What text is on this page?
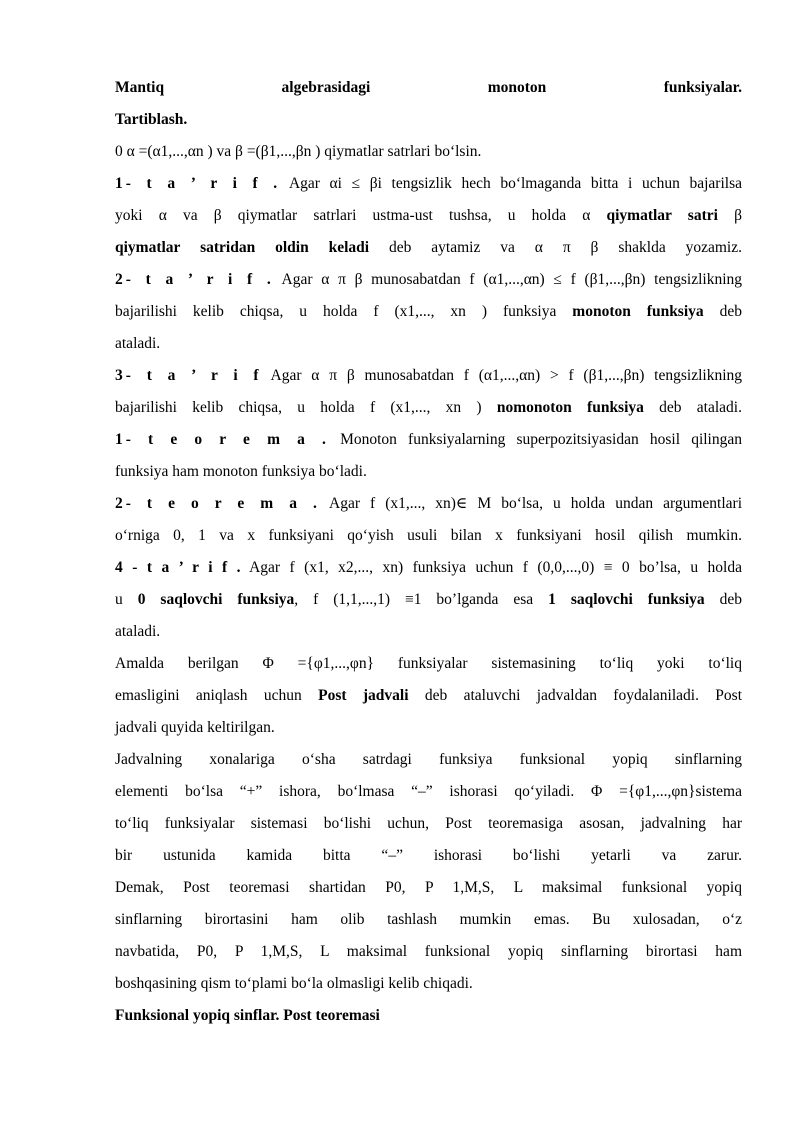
Mantiq algebrasidagi monoton funksiyalar.
Tartiblash.
0 α =(α1,...,αn ) va β =(β1,...,βn ) qiymatlar satrlari bo‘lsin.
1- t a ’ r i f . Agar αi ≤ βi tengsizlik hech bo‘lmaganda bitta i uchun bajarilsa
yoki α va β qiymatlar satrlari ustma-ust tushsa, u holda α qiymatlar satri β
qiymatlar satridan oldin keladi deb aytamiz va α π β shaklda yozamiz.
2- t a ’ r i f . Agar α π β munosabatdan f (α1,...,αn) ≤ f (β1,...,βn) tengsizlikning
bajarilishi kelib chiqsa, u holda f (x1,..., xn ) funksiya monoton funksiya deb
ataladi.
3- t a ’ r i f Agar α π β munosabatdan f (α1,...,αn) > f (β1,...,βn) tengsizlikning
bajarilishi kelib chiqsa, u holda f (x1,..., xn ) nomonoton funksiya deb ataladi.
1- t e o r e m a . Monoton funksiyalarning superpozitsiyasidan hosil qilingan
funksiya ham monoton funksiya bo‘ladi.
2- t e o r e m a . Agar f (x1,..., xn)∈ M bo‘lsa, u holda undan argumentlari
o‘rniga 0, 1 va x funksiyani qo‘yish usuli bilan x funksiyani hosil qilish mumkin.
4 - t a ’ r i f . Agar f (x1, x2,..., xn) funksiya uchun f (0,0,...,0) ≡ 0 bo’lsa, u holda
u 0 saqlovchi funksiya, f (1,1,...,1) ≡1 bo’lganda esa 1 saqlovchi funksiya deb
ataladi.
Amalda berilgan Φ ={φ1,...,φn} funksiyalar sistemasining to‘liq yoki to‘liq
emasligini aniqlash uchun Post jadvali deb ataluvchi jadvaldan foydalaniladi. Post
jadvali quyida keltirilgan.
Jadvalning xonalariga o‘sha satrdagi funksiya funksional yopiq sinflarning
elementi bo‘lsa “+” ishora, bo‘lmasa “–” ishorasi qo‘yiladi. Φ ={φ1,...,φn}sistema
to‘liq funksiyalar sistemasi bo‘lishi uchun, Post teoremasiga asosan, jadvalning har
bir ustunida kamida bitta “–” ishorasi bo‘lishi yetarli va zarur.
Demak, Post teoremasi shartidan P0, P 1,M,S, L maksimal funksional yopiq
sinflarning birortasini ham olib tashlash mumkin emas. Bu xulosadan, o‘z
navbatida, P0, P 1,M,S, L maksimal funksional yopiq sinflarning birortasi ham
boshqasining qism to‘plami bo‘la olmasligi kelib chiqadi.
Funksional yopiq sinflar. Post teoremasi
